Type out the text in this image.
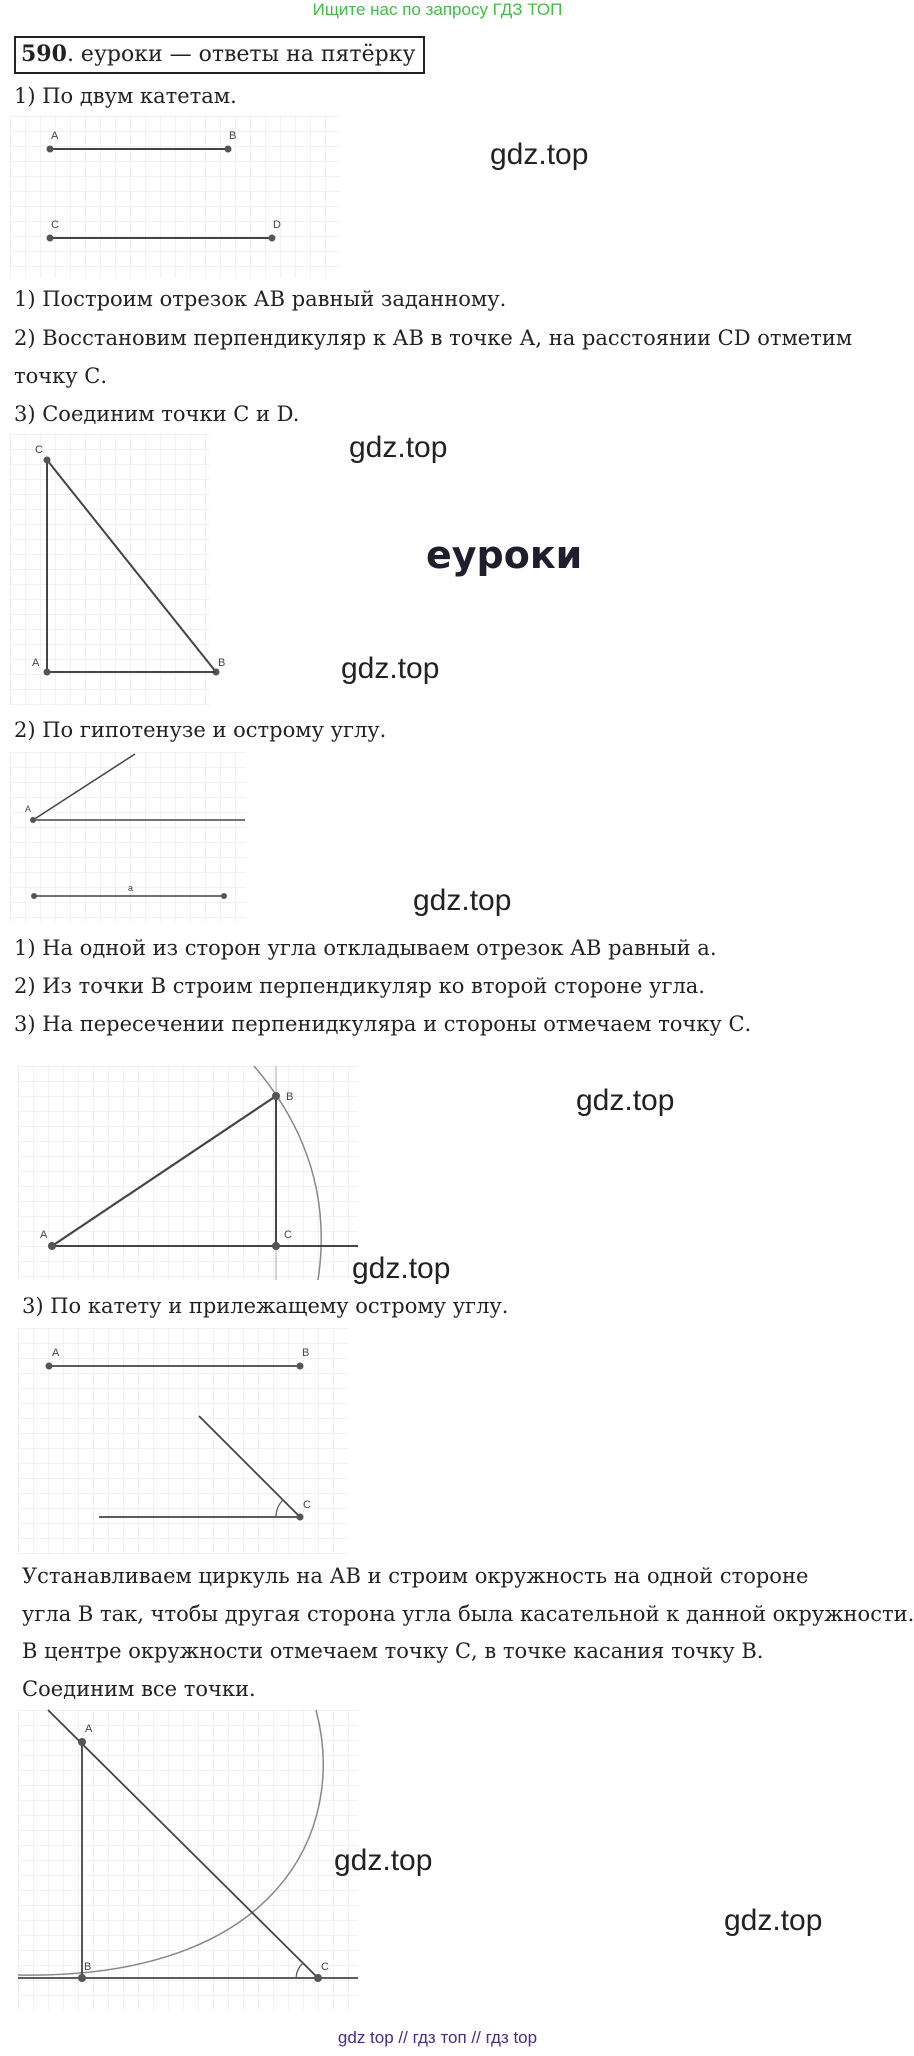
Ищите нас по запросу ГДЗ ТОП
590. еуроки — ответы на пятёрку
1) По двум катетам.
A	B
C	D
gdz.top
1) Построим отрезок АВ равный заданному.
2) Восстановим перпендикуляр к АВ в точке А, на расстоянии СD отметим
точку С.
3) Соединим точки С и D.
C
A	B
gdz.top
еуроки
gdz.top
2) По гипотенузе и острому углу.
A
a	gdz.top
1) На одной из сторон угла откладываем отрезок АВ равный а.
2) Из точки В строим перпендикуляр ко второй стороне угла.
3) На пересечении перпенидкуляра и стороны отмечаем точку С.
A
B
C
gdz.top
gdz.top
3) По катету и прилежащему острому углу.
A	B
C
Устанавливаем циркуль на АВ и строим окружность на одной стороне
угла В так, чтобы другая сторона угла была касательной к данной окружности.
В центре окружности отмечаем точку С, в точке касания точку В.
Соединим все точки.
A
B	C
gdz.top
gdz.top
gdz top // гдз топ // гдз top
